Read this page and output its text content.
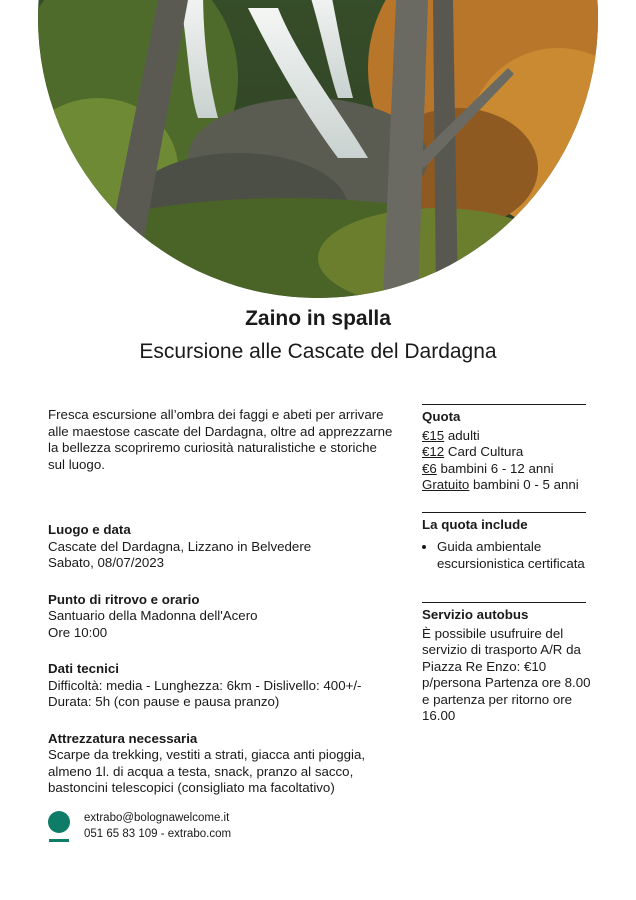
Zaino in spalla
Escursione alle Cascate del Dardagna

Fresca escursione all’ombra dei faggi e abeti per arrivare alle maestose cascate del Dardagna, oltre ad apprezzarne la bellezza scopriremo curiosità naturalistiche e storiche sul luogo.

Luogo e data

Cascate del Dardagna, Lizzano in Belvedere

Sabato, 08/07/2023

Punto di ritrovo e orario

Santuario della Madonna dell'Acero

Ore 10:00

Dati tecnici

Difficoltà: media - Lunghezza: 6km - Dislivello: 400+/-

Durata: 5h (con pause e pausa pranzo)

Attrezzatura necessaria

Scarpe da trekking, vestiti a strati, giacca anti pioggia,

almeno 1l. di acqua a testa, snack, pranzo al sacco,

bastoncini telescopici (consigliato ma facoltativo)

Quota

€15 adulti
€12 Card Cultura
€6 bambini 6 - 12 anni
Gratuito bambini 0 - 5 anni

La quota include

• Guida ambientale escursionistica certificata

Servizio autobus

È possibile usufruire del servizio di trasporto A/R da Piazza Re Enzo: €10 p/persona Partenza ore 8.00 e partenza per ritorno ore 16.00

extrabo@bolognawelcome.it
051 65 83 109 - extrabo.com
